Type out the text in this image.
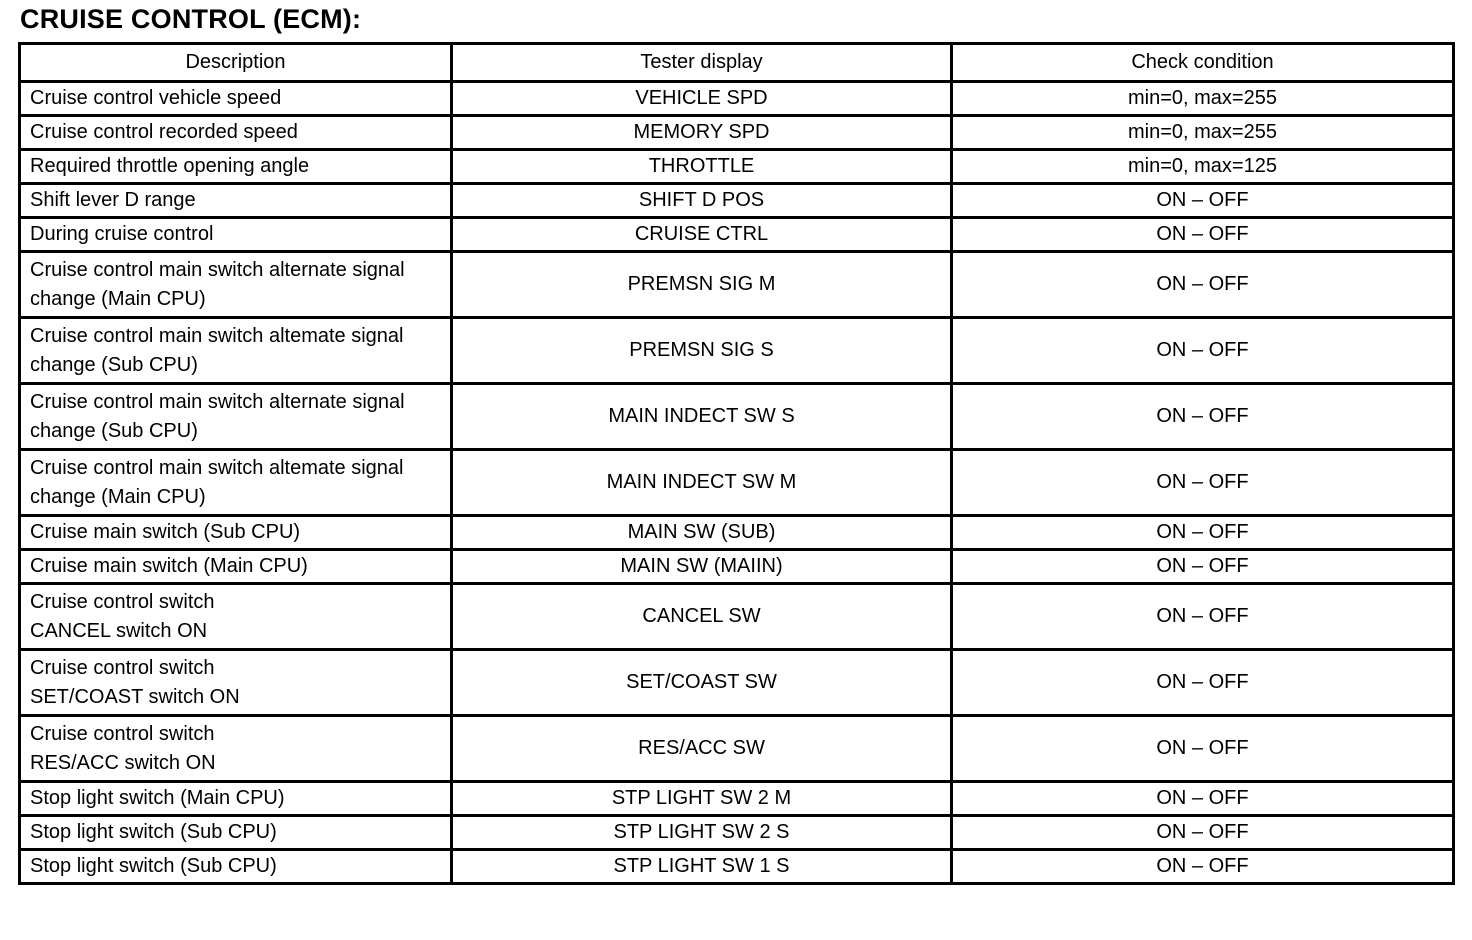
CRUISE CONTROL (ECM):
Description	Tester display	Check condition
Cruise control vehicle speed	VEHICLE SPD	min=0, max=255
Cruise control recorded speed	MEMORY SPD	min=0, max=255
Required throttle opening angle	THROTTLE	min=0, max=125
Shift lever D range	SHIFT D POS	ON – OFF
During cruise control	CRUISE CTRL	ON – OFF
Cruise control main switch alternate signal
change (Main CPU)	PREMSN SIG M	ON – OFF
Cruise control main switch altemate signal
change (Sub CPU)	PREMSN SIG S	ON – OFF
Cruise control main switch alternate signal
change (Sub CPU)	MAIN INDECT SW S	ON – OFF
Cruise control main switch altemate signal
change (Main CPU)	MAIN INDECT SW M	ON – OFF
Cruise main switch (Sub CPU)	MAIN SW (SUB)	ON – OFF
Cruise main switch (Main CPU)	MAIN SW (MAIIN)	ON – OFF
Cruise control switch
CANCEL switch ON	CANCEL SW	ON – OFF
Cruise control switch
SET/COAST switch ON	SET/COAST SW	ON – OFF
Cruise control switch
RES/ACC switch ON	RES/ACC SW	ON – OFF
Stop light switch (Main CPU)	STP LIGHT SW 2 M	ON – OFF
Stop light switch (Sub CPU)	STP LIGHT SW 2 S	ON – OFF
Stop light switch (Sub CPU)	STP LIGHT SW 1 S	ON – OFF
